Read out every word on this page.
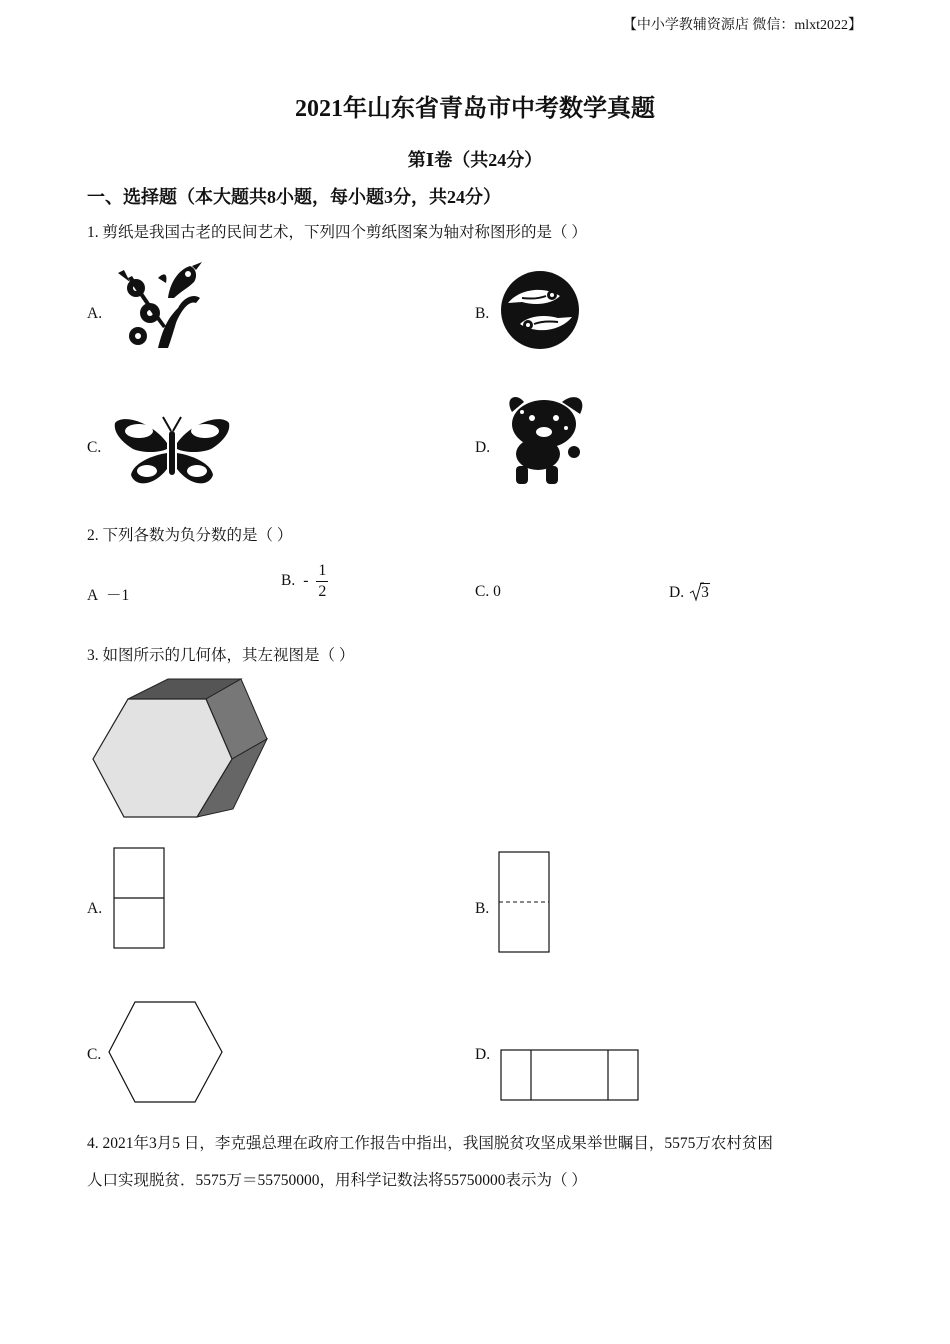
【中小学教辅资源店 微信：mlxt2022】
2021年山东省青岛市中考数学真题
第Ⅰ卷（共24分）
一、选择题（本大题共8小题，每小题3分，共24分）
1. 剪纸是我国古老的民间艺术，下列四个剪纸图案为轴对称图形的是（ ）
A.	B.
C.	D.
2. 下列各数为负分数的是（ ）
A －1
B. - $\frac{1}{2}$	C. 0	D.	3
3. 如图所示的几何体，其左视图是（ ）
A.	B.
C.	D.
4. 2021年3月5 日，李克强总理在政府工作报告中指出，我国脱贫攻坚成果举世瞩目，5575万农村贫困
人口实现脱贫．5575万＝55750000，用科学记数法将55750000表示为（ ）
